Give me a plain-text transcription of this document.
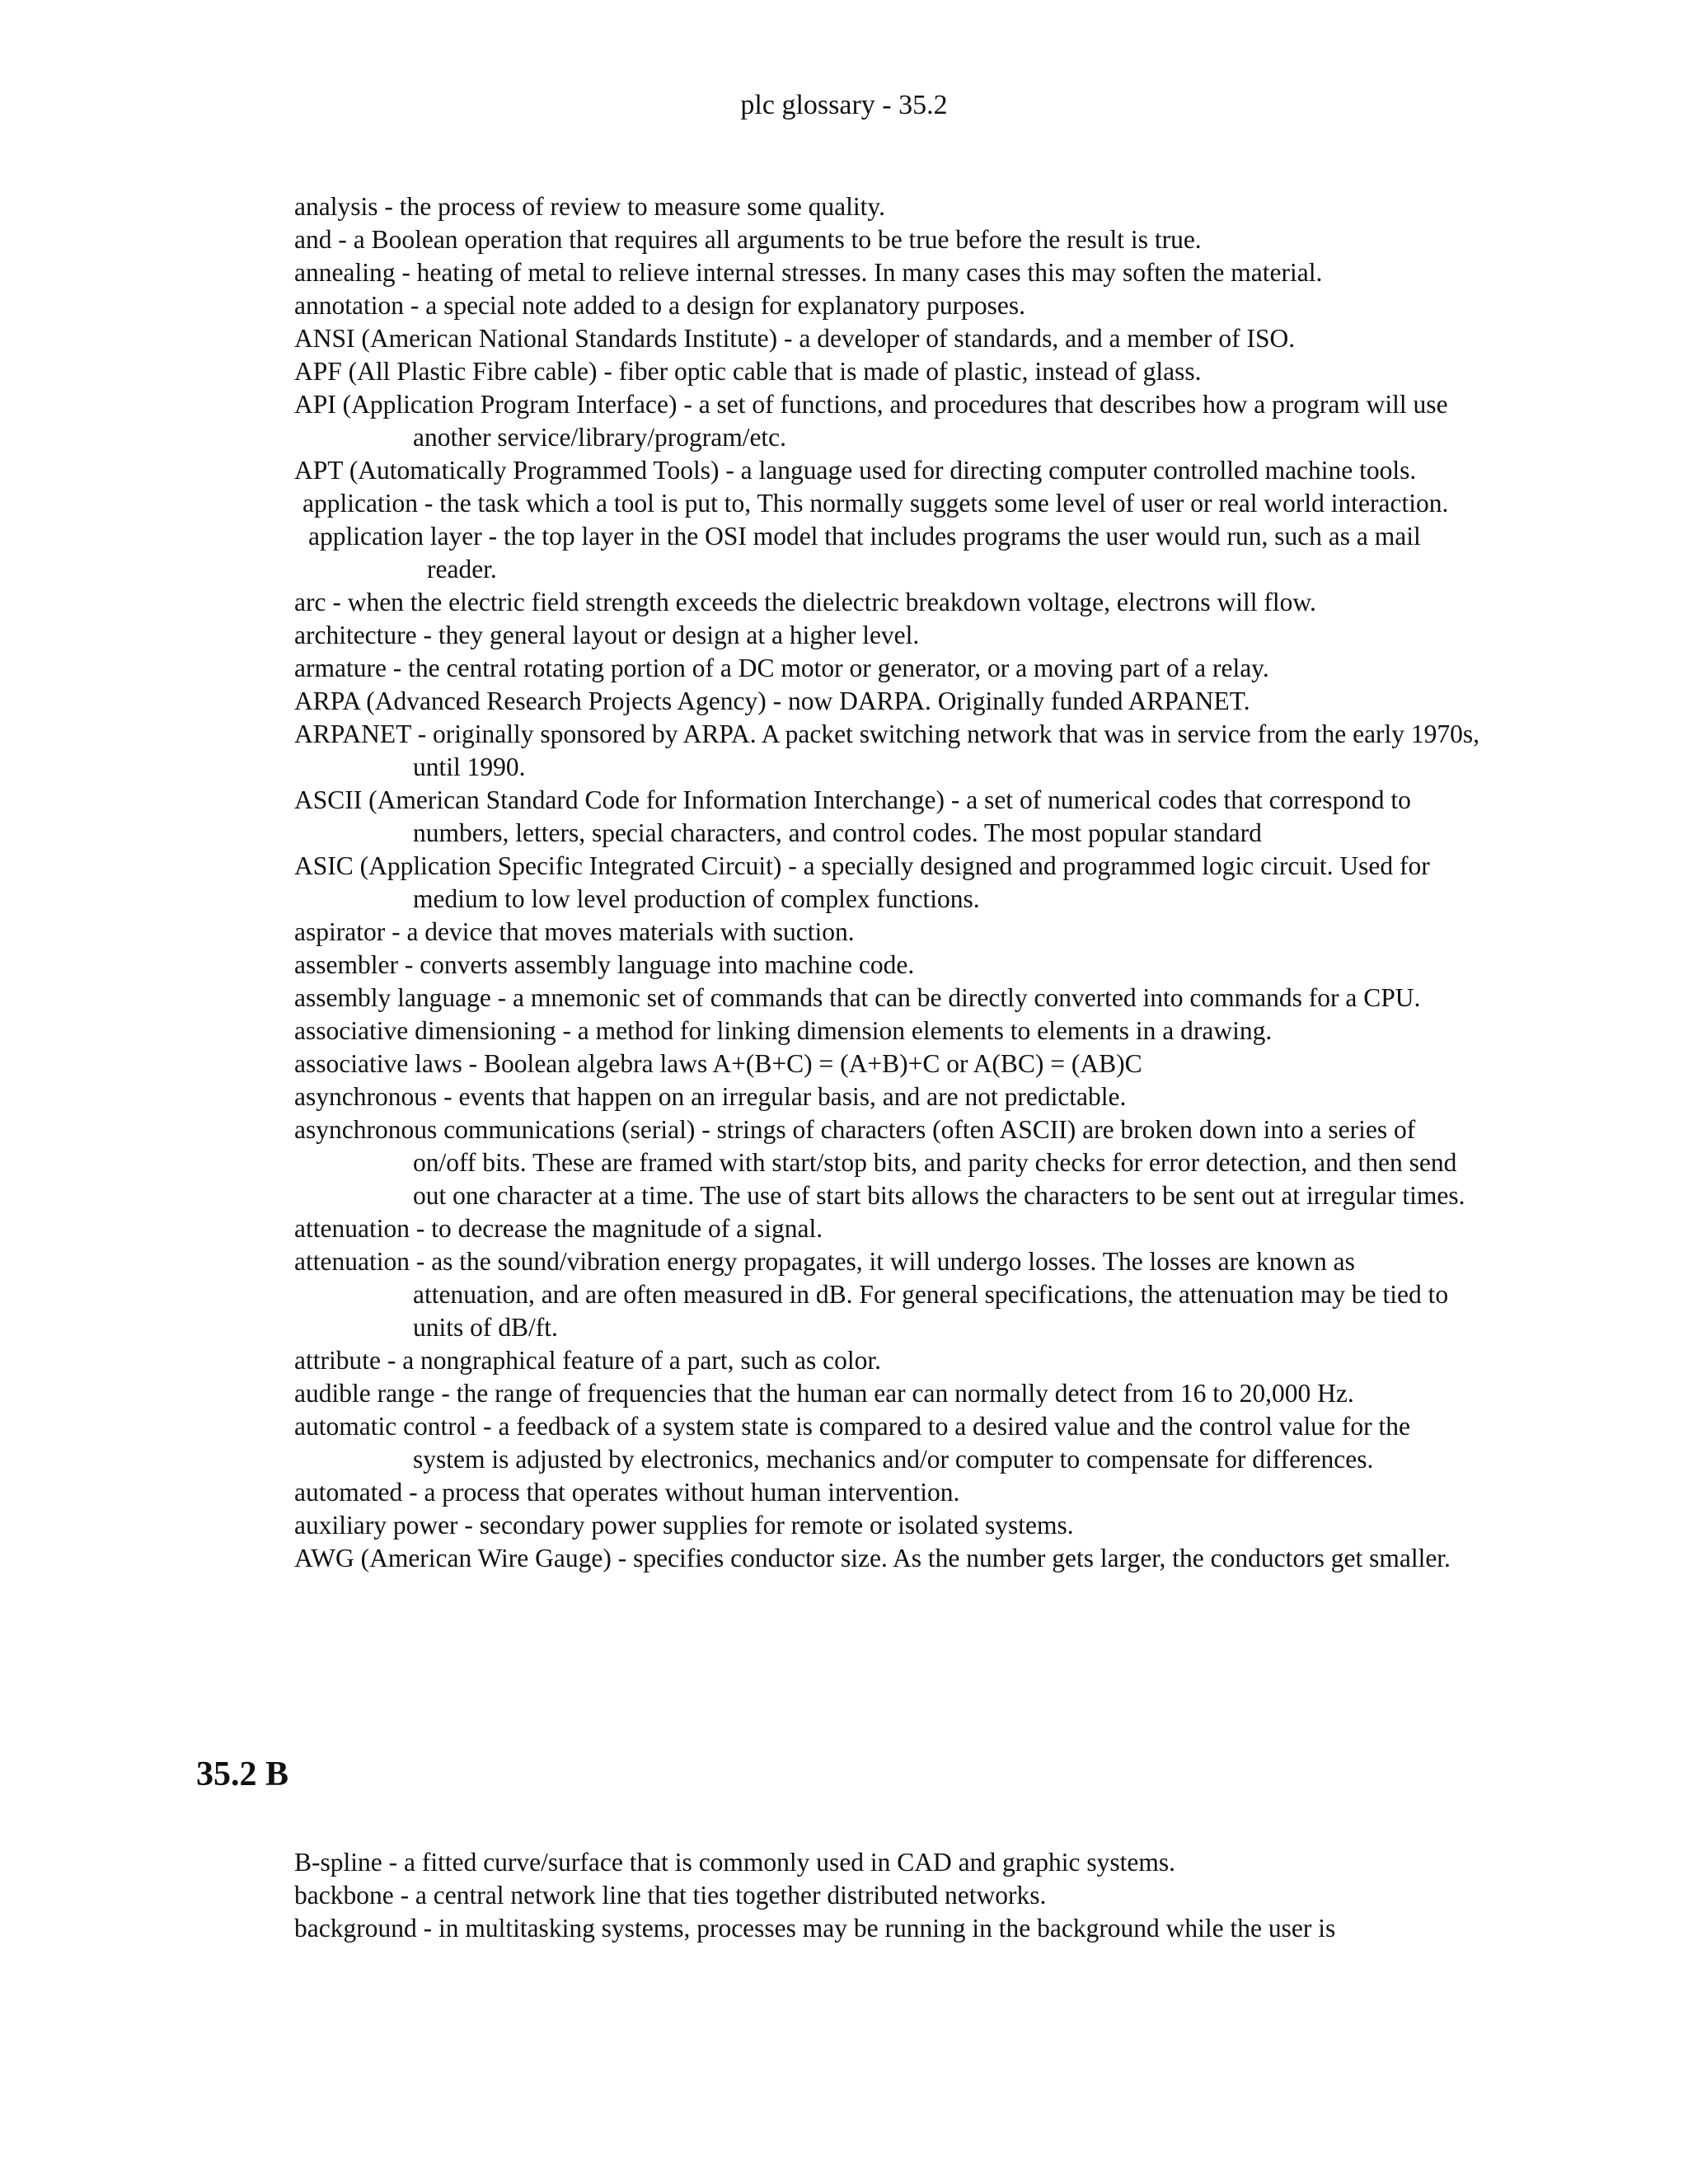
plc glossary - 35.2
analysis - the process of review to measure some quality.
and - a Boolean operation that requires all arguments to be true before the result is true.
annealing - heating of metal to relieve internal stresses. In many cases this may soften the material.
annotation - a special note added to a design for explanatory purposes.
ANSI (American National Standards Institute) - a developer of standards, and a member of ISO.
APF (All Plastic Fibre cable) - fiber optic cable that is made of plastic, instead of glass.
API (Application Program Interface) - a set of functions, and procedures that describes how a program will use another service/library/program/etc.
APT (Automatically Programmed Tools) - a language used for directing computer controlled machine tools.
application - the task which a tool is put to, This normally suggets some level of user or real world interaction.
application layer - the top layer in the OSI model that includes programs the user would run, such as a mail reader.
arc - when the electric field strength exceeds the dielectric breakdown voltage, electrons will flow.
architecture - they general layout or design at a higher level.
armature - the central rotating portion of a DC motor or generator, or a moving part of a relay.
ARPA (Advanced Research Projects Agency) - now DARPA. Originally funded ARPANET.
ARPANET - originally sponsored by ARPA. A packet switching network that was in service from the early 1970s, until 1990.
ASCII (American Standard Code for Information Interchange) - a set of numerical codes that correspond to numbers, letters, special characters, and control codes. The most popular standard
ASIC (Application Specific Integrated Circuit) - a specially designed and programmed logic circuit. Used for medium to low level production of complex functions.
aspirator - a device that moves materials with suction.
assembler - converts assembly language into machine code.
assembly language - a mnemonic set of commands that can be directly converted into commands for a CPU.
associative dimensioning - a method for linking dimension elements to elements in a drawing.
associative laws - Boolean algebra laws A+(B+C) = (A+B)+C or A(BC) = (AB)C
asynchronous - events that happen on an irregular basis, and are not predictable.
asynchronous communications (serial) - strings of characters (often ASCII) are broken down into a series of on/off bits. These are framed with start/stop bits, and parity checks for error detection, and then send out one character at a time. The use of start bits allows the characters to be sent out at irregular times.
attenuation - to decrease the magnitude of a signal.
attenuation - as the sound/vibration energy propagates, it will undergo losses. The losses are known as attenuation, and are often measured in dB. For general specifications, the attenuation may be tied to units of dB/ft.
attribute - a nongraphical feature of a part, such as color.
audible range - the range of frequencies that the human ear can normally detect from 16 to 20,000 Hz.
automatic control - a feedback of a system state is compared to a desired value and the control value for the system is adjusted by electronics, mechanics and/or computer to compensate for differences.
automated - a process that operates without human intervention.
auxiliary power - secondary power supplies for remote or isolated systems.
AWG (American Wire Gauge) - specifies conductor size. As the number gets larger, the conductors get smaller.
35.2 B
B-spline - a fitted curve/surface that is commonly used in CAD and graphic systems.
backbone - a central network line that ties together distributed networks.
background - in multitasking systems, processes may be running in the background while the user is
